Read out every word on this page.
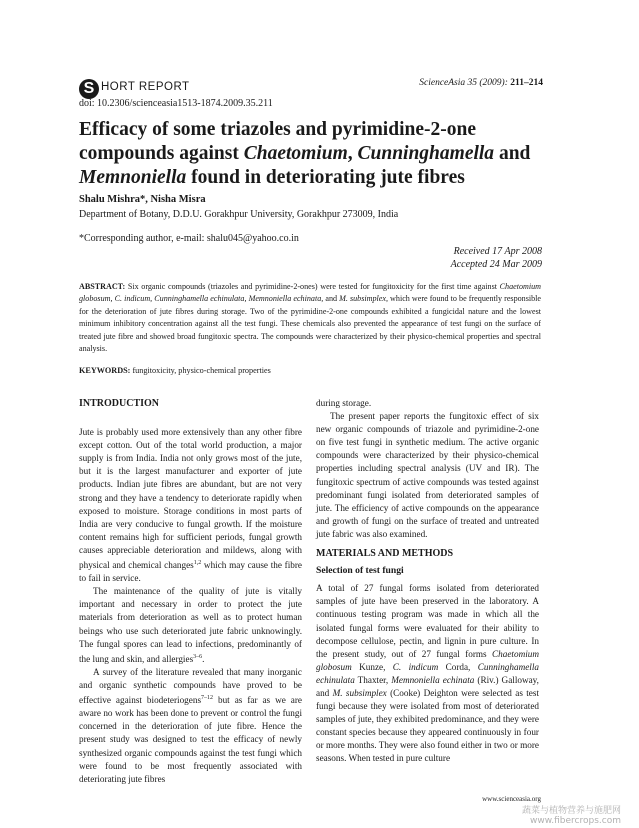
S HORT REPORT	ScienceAsia 35 (2009): 211–214
doi: 10.2306/scienceasia1513-1874.2009.35.211
Efficacy of some triazoles and pyrimidine-2-one
compounds against Chaetomium, Cunninghamella and
Memnoniella found in deteriorating jute fibres
Shalu Mishra*, Nisha Misra
Department of Botany, D.D.U. Gorakhpur University, Gorakhpur 273009, India
*Corresponding author, e-mail: shalu045@yahoo.co.in
Received 17 Apr 2008
Accepted 24 Mar 2009
ABSTRACT: Six organic compounds (triazoles and pyrimidine-2-ones) were tested for fungitoxicity for the first time against Chaetomium globosum, C. indicum, Cunninghamella echinulata, Memnoniella echinata, and M. subsimplex, which were found to be frequently responsible for the deterioration of jute fibres during storage. Two of the pyrimidine-2-one compounds exhibited a fungicidal nature and the lowest minimum inhibitory concentration against all the test fungi. These chemicals also prevented the appearance of test fungi on the surface of treated jute fibre and showed broad fungitoxic spectra. The compounds were characterized by their physico-chemical properties and spectral analysis.
KEYWORDS: fungitoxicity, physico-chemical properties

INTRODUCTION

Jute is probably used more extensively than any other fibre except cotton. Out of the total world production, a major supply is from India. India not only grows most of the jute, but it is the largest manufacturer and exporter of jute products. Indian jute fibres are abundant, but are not very strong and they have a tendency to deteriorate rapidly when exposed to moisture. Storage conditions in most parts of India are very conducive to fungal growth. If the moisture content remains high for sufficient periods, fungal growth causes appreciable deterioration and mildews, along with physical and chemical changes$^{1,2}$ which may cause the fibre to fail in service.

The maintenance of the quality of jute is vitally important and necessary in order to protect the jute materials from deterioration as well as to protect human beings who use such deteriorated jute fabric unknowingly. The fungal spores can lead to infections, predominantly of the lung and skin, and allergies$^{3-6}$.

A survey of the literature revealed that many inorganic and organic synthetic compounds have proved to be effective against biodeteriogens$^{7-12}$ but as far as we are aware no work has been done to prevent or control the fungi concerned in the deterioration of jute fibre. Hence the present study was designed to test the efficacy of newly synthesized organic compounds against the test fungi which were found to be most frequently associated with deteriorating jute fibres

during storage.

The present paper reports the fungitoxic effect of six new organic compounds of triazole and pyrimidine-2-one on five test fungi in synthetic medium. The active organic compounds were characterized by their physico-chemical properties including spectral analysis (UV and IR). The fungitoxic spectrum of active compounds was tested against predominant fungi isolated from deteriorated samples of jute. The efficiency of active compounds on the appearance and growth of fungi on the surface of treated and untreated jute fabric was also examined.

MATERIALS AND METHODS

Selection of test fungi

A total of 27 fungal forms isolated from deteriorated samples of jute have been preserved in the laboratory. A continuous testing program was made in which all the isolated fungal forms were evaluated for their ability to decompose cellulose, pectin, and lignin in pure culture. In the present study, out of 27 fungal forms Chaetomium globosum Kunze, C. indicum Corda, Cunninghamella echinulata Thaxter, Memnoniella echinata (Riv.) Galloway, and M. subsimplex (Cooke) Deighton were selected as test fungi because they were isolated from most of deteriorated samples of jute, they exhibited predominance, and they were constant species because they appeared continuously in four or more months. They were also found either in two or more seasons. When tested in pure culture

www.scienceasia.org
蔬菜与植物营养与施肥网
www.fibercrops.com
